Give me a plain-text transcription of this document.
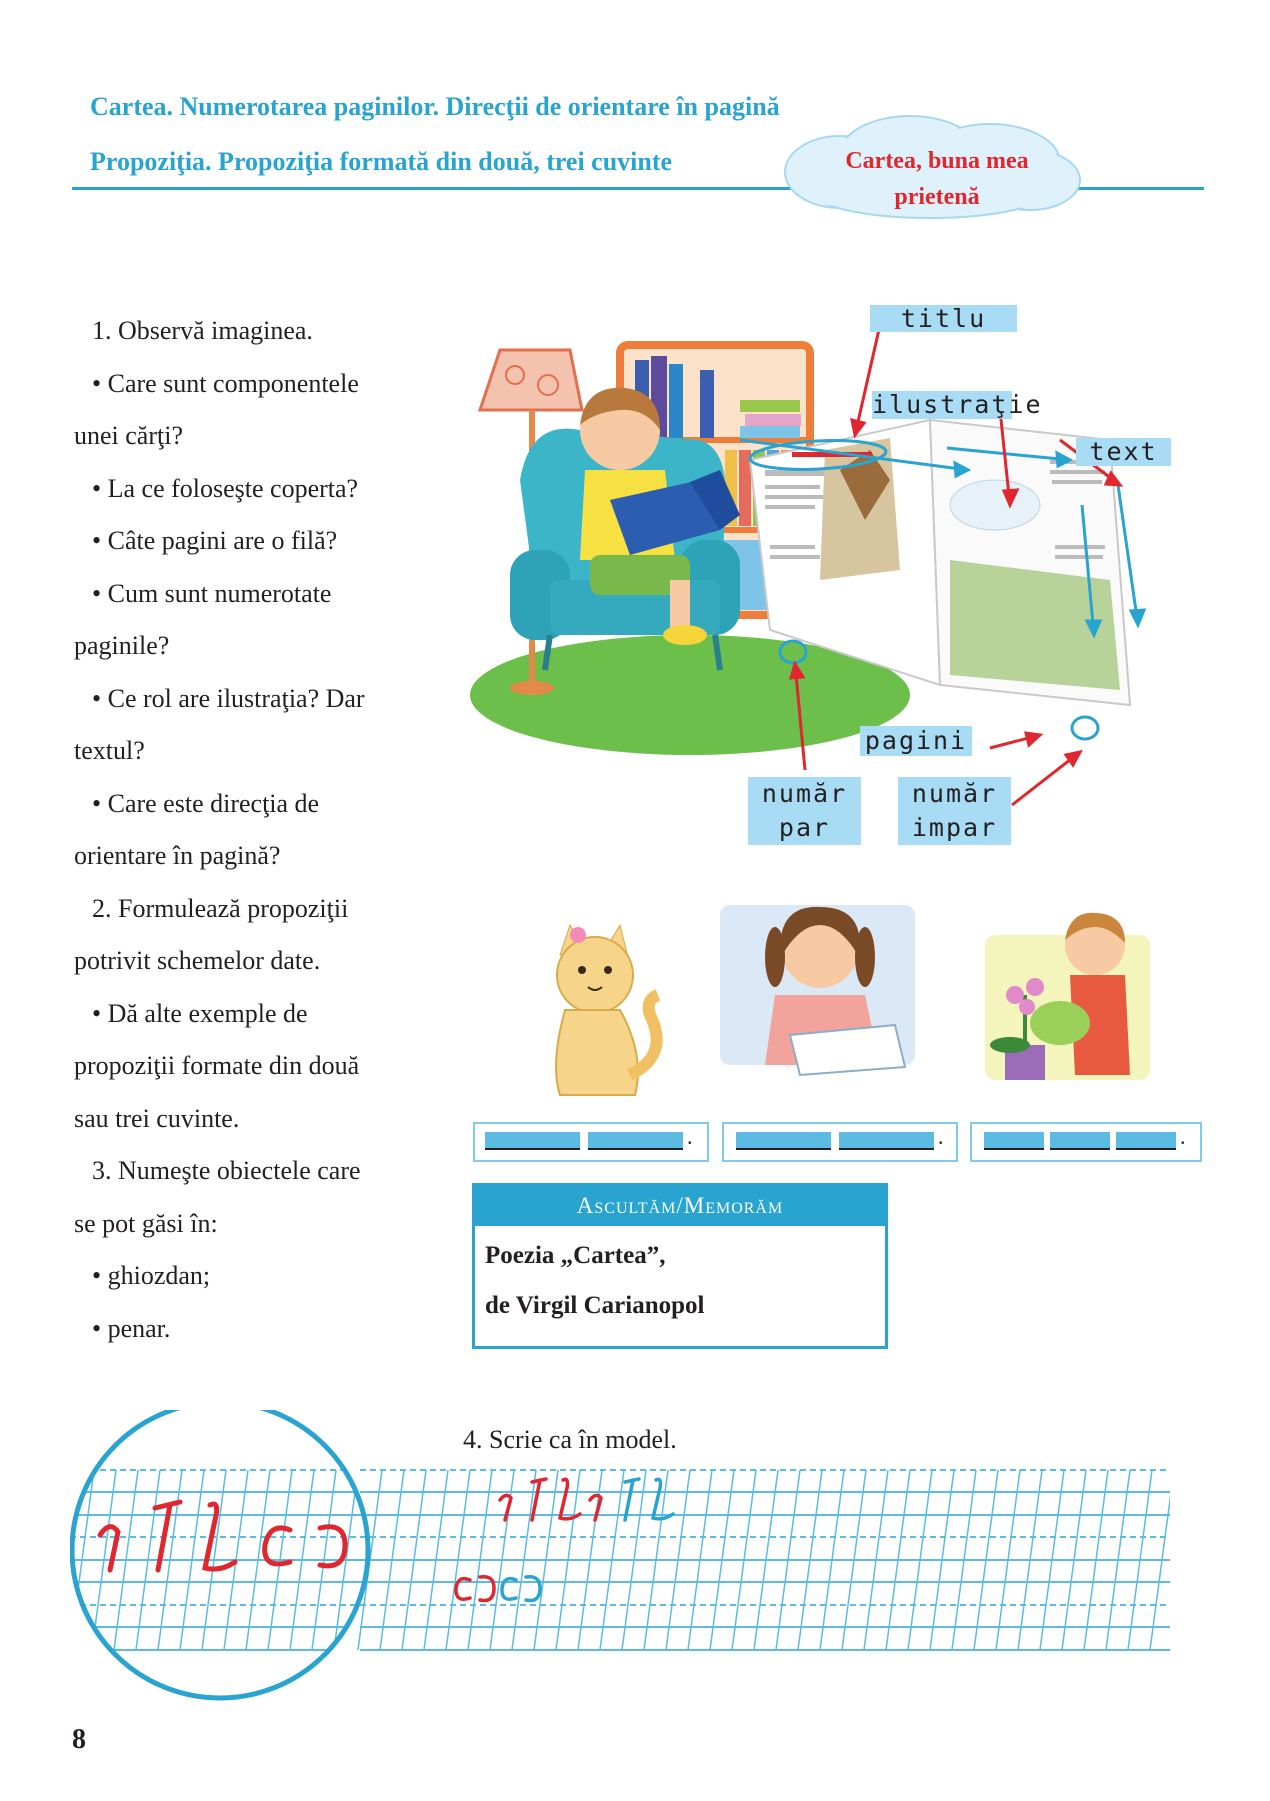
Cartea. Numerotarea paginilor. Direcţii de orientare în pagină
Propoziţia. Propoziţia formată din două, trei cuvinte	Cartea, buna mea
prietenă

1. Observă imaginea.

• Care sunt componentele

unei cărţi?

• La ce foloseşte coperta?

• Câte pagini are o filă?

• Cum sunt numerotate

paginile?

• Ce rol are ilustraţia? Dar

textul?

• Care este direcţia de

orientare în pagină?

2. Formulează propoziţii

potrivit schemelor date.

• Dă alte exemple de

propoziţii formate din două

sau trei cuvinte.

3. Numeşte obiectele care

se pot găsi în:

• ghiozdan;

• penar.

titlu
ilustraţie
text
pagini
număr
par
număr
impar
.	.	.
Ascultăm/Memorăm
Poezia „Cartea”,
de Virgil Carianopol
4. Scrie ca în model.
8
